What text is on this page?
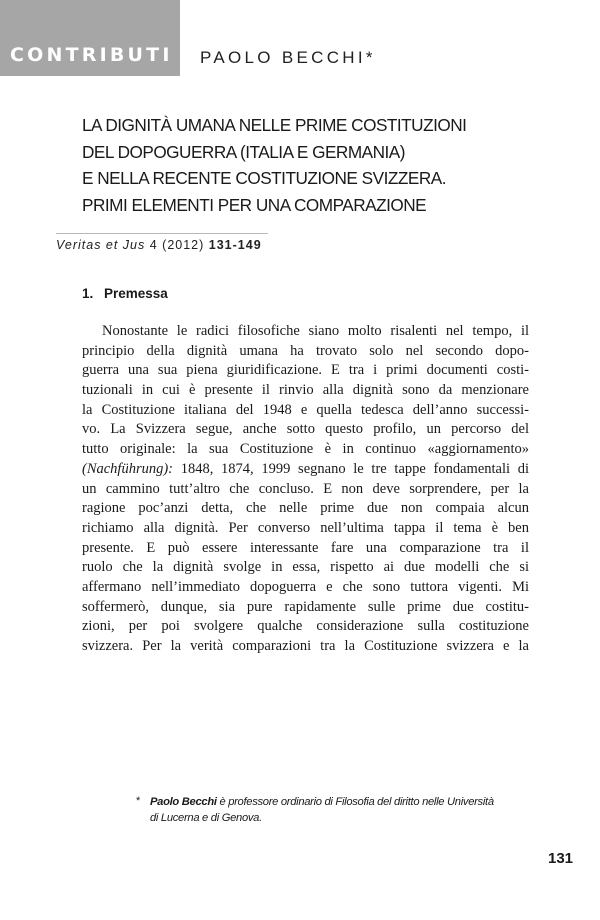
CONTRIBUTI PAOLO BECCHI*
LA DIGNITÀ UMANA NELLE PRIME COSTITUZIONI
DEL DOPOGUERRA (ITALIA E GERMANIA)
E NELLA RECENTE COSTITUZIONE SVIZZERA.
PRIMI ELEMENTI PER UNA COMPARAZIONE
Veritas et Jus 4 (2012) 131-149
1. Premessa
Nonostante le radici filosofiche siano molto risalenti nel tempo, il
principio della dignità umana ha trovato solo nel secondo dopo-
guerra una sua piena giuridificazione. E tra i primi documenti costi-
tuzionali in cui è presente il rinvio alla dignità sono da menzionare
la Costituzione italiana del 1948 e quella tedesca dell’anno successi-
vo. La Svizzera segue, anche sotto questo profilo, un percorso del
tutto originale: la sua Costituzione è in continuo «aggiornamento»
(Nachführung): 1848, 1874, 1999 segnano le tre tappe fondamentali di
un cammino tutt’altro che concluso. E non deve sorprendere, per la
ragione poc’anzi detta, che nelle prime due non compaia alcun
richiamo alla dignità. Per converso nell’ultima tappa il tema è ben
presente. E può essere interessante fare una comparazione tra il
ruolo che la dignità svolge in essa, rispetto ai due modelli che si
affermano nell’immediato dopoguerra e che sono tuttora vigenti. Mi
soffermerò, dunque, sia pure rapidamente sulle prime due costitu-
zioni, per poi svolgere qualche considerazione sulla costituzione
svizzera. Per la verità comparazioni tra la Costituzione svizzera e la
* Paolo Becchi è professore ordinario di Filosofia del diritto nelle Università
di Lucerna e di Genova.
131
